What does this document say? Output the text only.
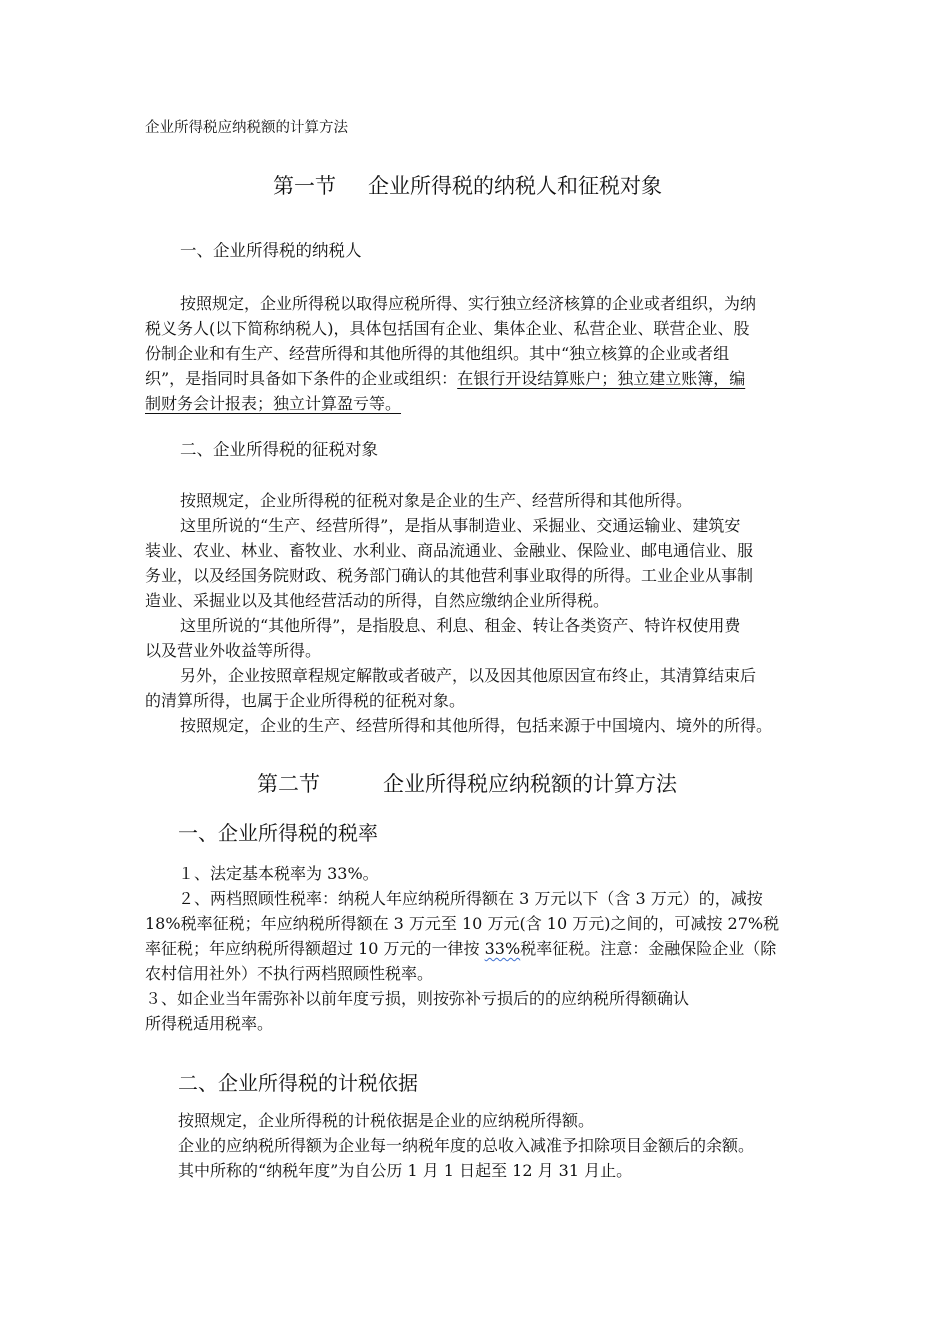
企业所得税应纳税额的计算方法
第一节 企业所得税的纳税人和征税对象
一、企业所得税的纳税人
按照规定，企业所得税以取得应税所得、实行独立经济核算的企业或者组织，为纳
税义务人(以下简称纳税人)，具体包括国有企业、集体企业、私营企业、联营企业、股
份制企业和有生产、经营所得和其他所得的其他组织。其中“独立核算的企业或者组
织”，是指同时具备如下条件的企业或组织：在银行开设结算账户；独立建立账簿，编
制财务会计报表；独立计算盈亏等。
二、企业所得税的征税对象
按照规定，企业所得税的征税对象是企业的生产、经营所得和其他所得。
这里所说的“生产、经营所得”，是指从事制造业、采掘业、交通运输业、建筑安
装业、农业、林业、畜牧业、水利业、商品流通业、金融业、保险业、邮电通信业、服
务业，以及经国务院财政、税务部门确认的其他营利事业取得的所得。工业企业从事制
造业、采掘业以及其他经营活动的所得，自然应缴纳企业所得税。
这里所说的“其他所得”，是指股息、利息、租金、转让各类资产、特许权使用费
以及营业外收益等所得。
另外，企业按照章程规定解散或者破产，以及因其他原因宣布终止，其清算结束后
的清算所得，也属于企业所得税的征税对象。
按照规定，企业的生产、经营所得和其他所得，包括来源于中国境内、境外的所得。
第二节	企业所得税应纳税额的计算方法
一、企业所得税的税率
１、法定基本税率为 33%。
２、两档照顾性税率：纳税人年应纳税所得额在 3 万元以下（含 3 万元）的，减按
18%税率征税；年应纳税所得额在 3 万元至 10 万元(含 10 万元)之间的，可减按 27%税
率征税；年应纳税所得额超过 10 万元的一律按 33%税率征税。注意：金融保险企业（除
农村信用社外）不执行两档照顾性税率。
３、如企业当年需弥补以前年度亏损，则按弥补亏损后的的应纳税所得额确认
所得税适用税率。
二、企业所得税的计税依据
按照规定，企业所得税的计税依据是企业的应纳税所得额。
企业的应纳税所得额为企业每一纳税年度的总收入减准予扣除项目金额后的余额。
其中所称的“纳税年度”为自公历 1 月 1 日起至 12 月 31 月止。
